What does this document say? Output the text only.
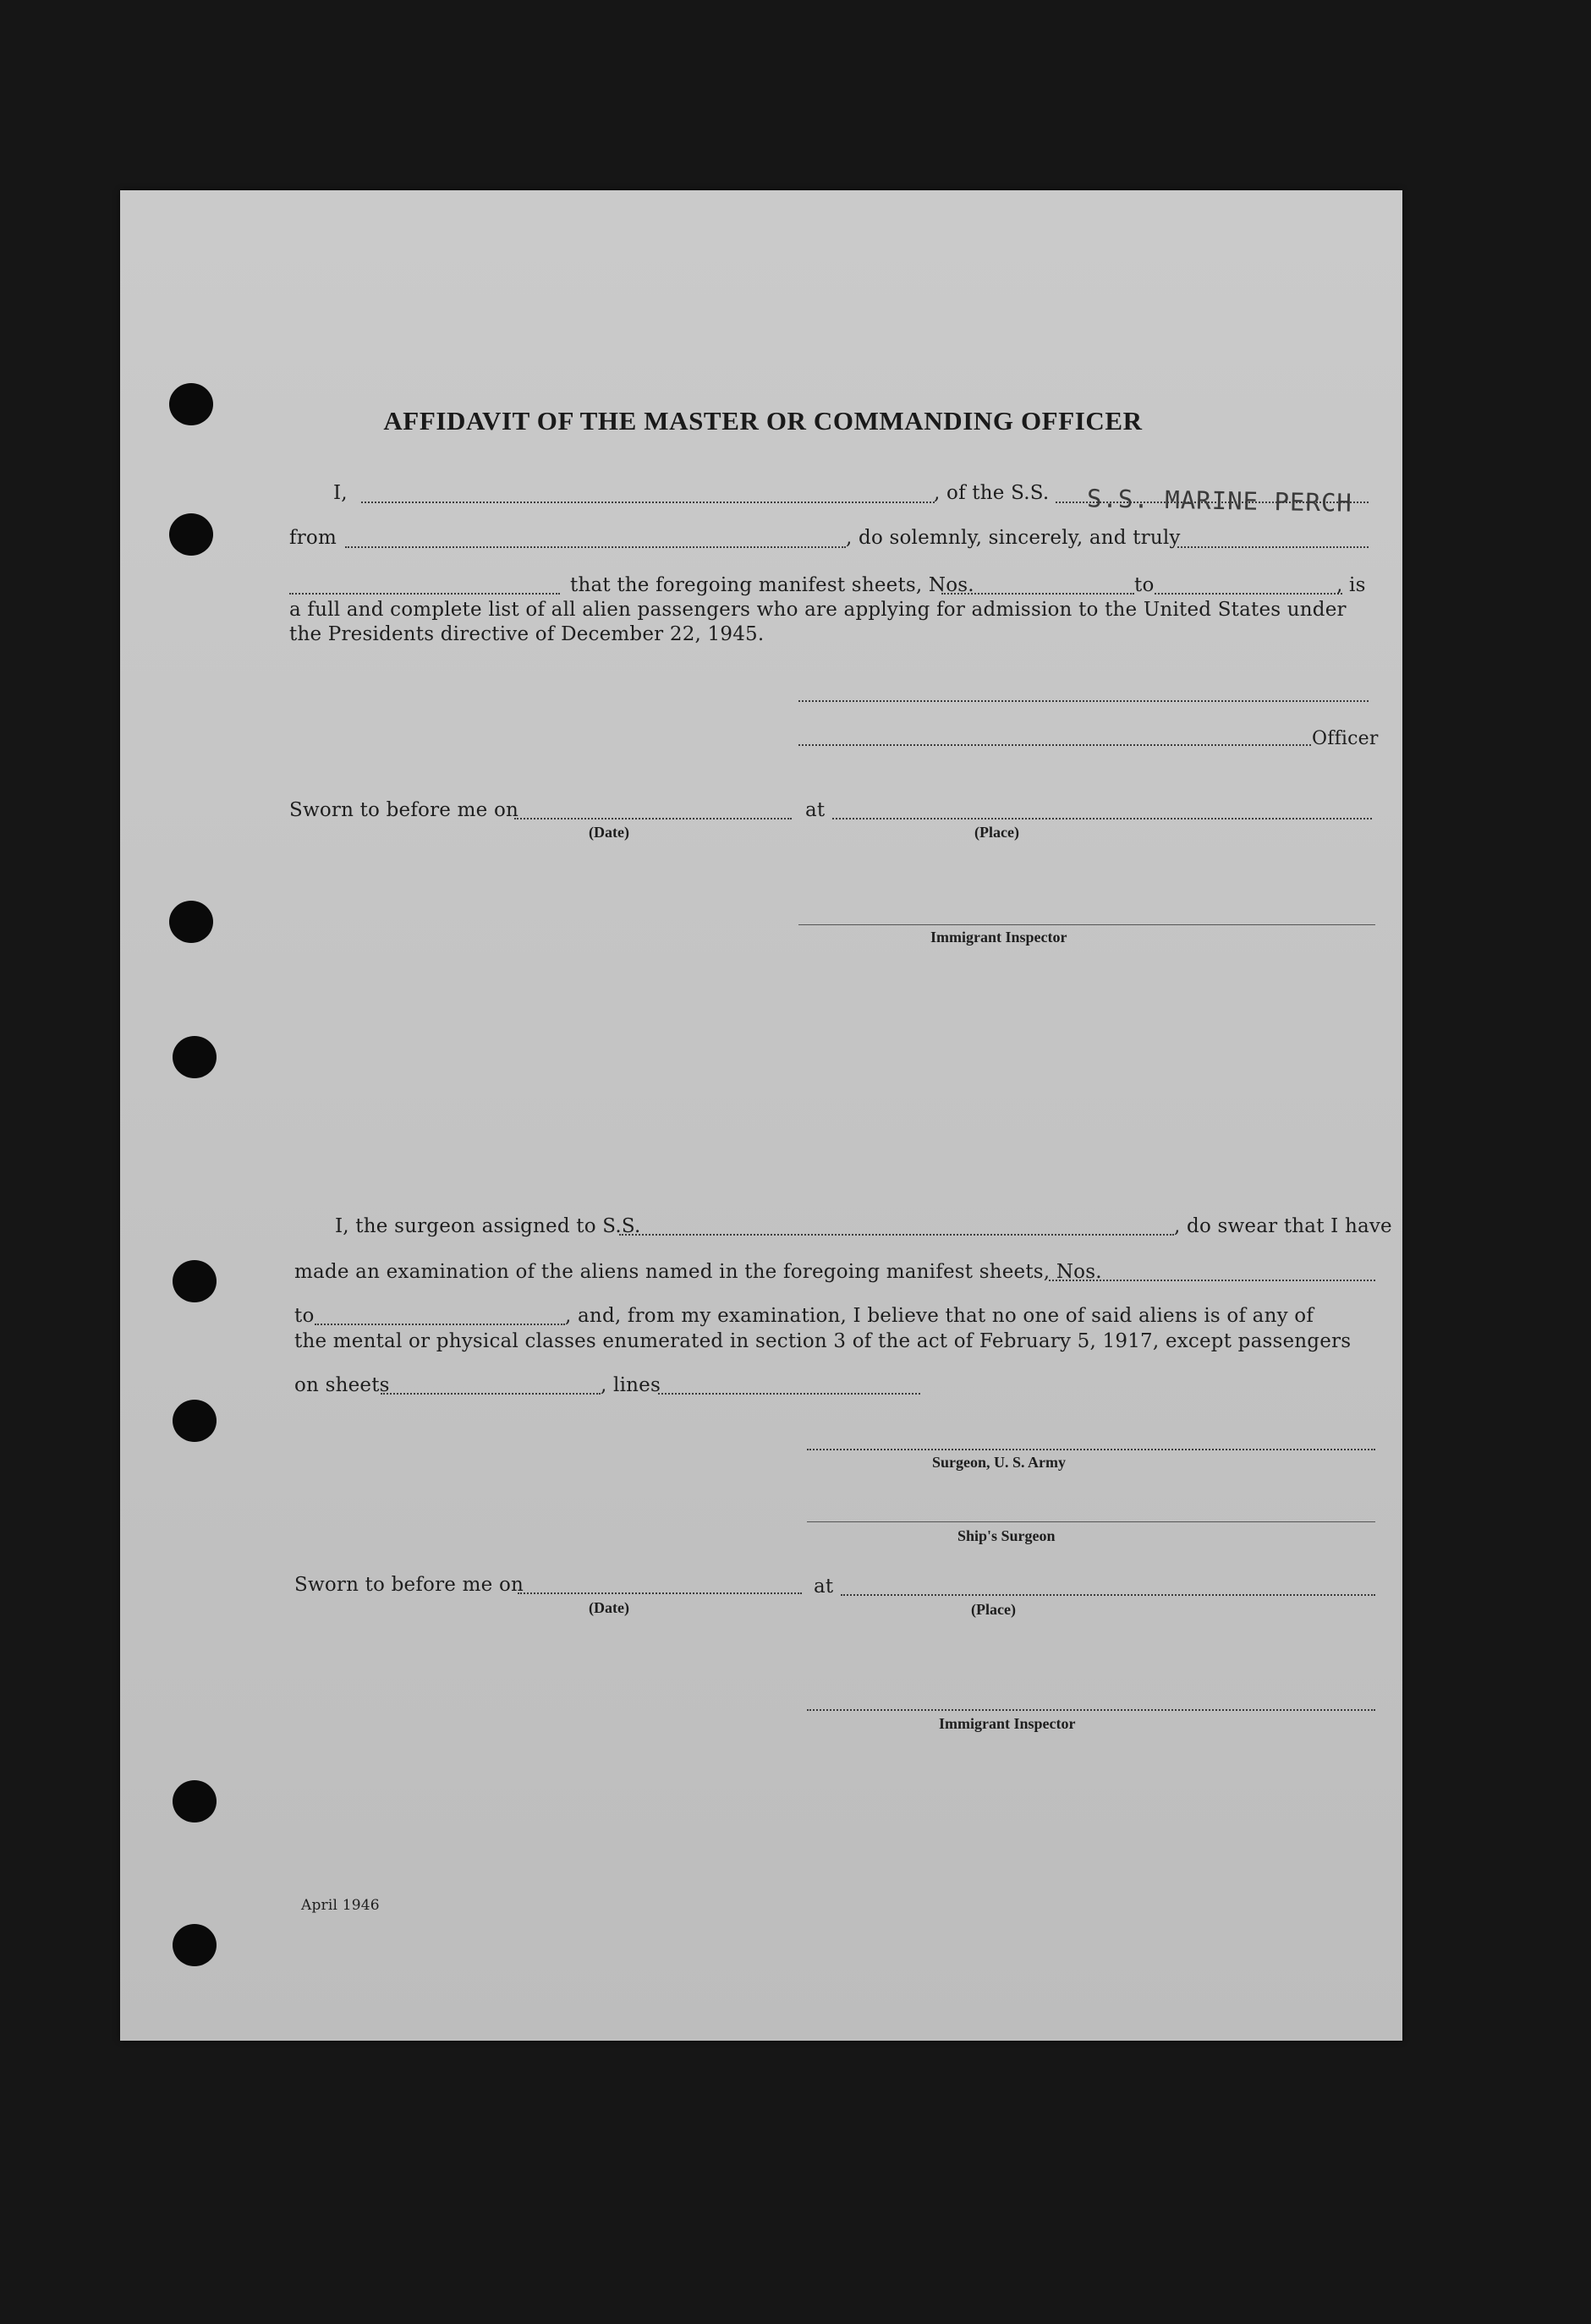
AFFIDAVIT OF THE MASTER OR COMMANDING OFFICER
I,	, of the S.S. S.S. MARINE PERCH
from	, do solemnly, sincerely, and truly
that the foregoing manifest sheets, Nos.	to	, is
a full and complete list of all alien passengers who are applying for admission to the United States under
the Presidents directive of December 22, 1945.
Officer
Sworn to before me on	at
(Date)	(Place)
Immigrant Inspector
I, the surgeon assigned to S.S.	, do swear that I have
made an examination of the aliens named in the foregoing manifest sheets, Nos.
to	, and, from my examination, I believe that no one of said aliens is of any of
the mental or physical classes enumerated in section 3 of the act of February 5, 1917, except passengers
on sheets	, lines
Surgeon, U. S. Army
Ship's Surgeon
Sworn to before me on	at
(Date)	(Place)
Immigrant Inspector
April 1946
